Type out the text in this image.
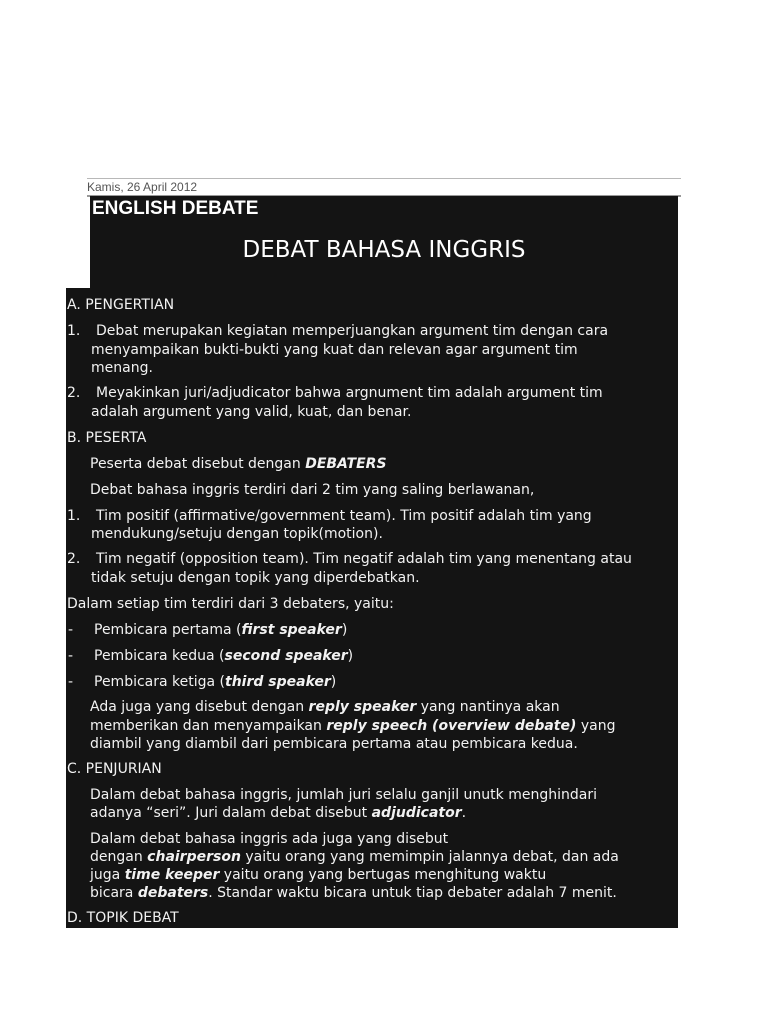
Kamis, 26 April 2012
ENGLISH DEBATE
DEBAT BAHASA INGGRIS
A. PENGERTIAN
1. Debat merupakan kegiatan memperjuangkan argument tim dengan cara
menyampaikan bukti-bukti yang kuat dan relevan agar argument tim
menang.
2. Meyakinkan juri/adjudicator bahwa argnument tim adalah argument tim
adalah argument yang valid, kuat, dan benar.
B. PESERTA
Peserta debat disebut dengan DEBATERS
Debat bahasa inggris terdiri dari 2 tim yang saling berlawanan,
1. Tim positif (affirmative/government team). Tim positif adalah tim yang
mendukung/setuju dengan topik(motion).
2. Tim negatif (opposition team). Tim negatif adalah tim yang menentang atau
tidak setuju dengan topik yang diperdebatkan.
Dalam setiap tim terdiri dari 3 debaters, yaitu:
- Pembicara pertama (first speaker)
- Pembicara kedua (second speaker)
- Pembicara ketiga (third speaker)
Ada juga yang disebut dengan reply speaker yang nantinya akan
memberikan dan menyampaikan reply speech (overview debate) yang
diambil yang diambil dari pembicara pertama atau pembicara kedua.
C. PENJURIAN
Dalam debat bahasa inggris, jumlah juri selalu ganjil unutk menghindari
adanya “seri”. Juri dalam debat disebut adjudicator.
Dalam debat bahasa inggris ada juga yang disebut
dengan chairperson yaitu orang yang memimpin jalannya debat, dan ada
juga time keeper yaitu orang yang bertugas menghitung waktu
bicara debaters. Standar waktu bicara untuk tiap debater adalah 7 menit.
D. TOPIK DEBAT
